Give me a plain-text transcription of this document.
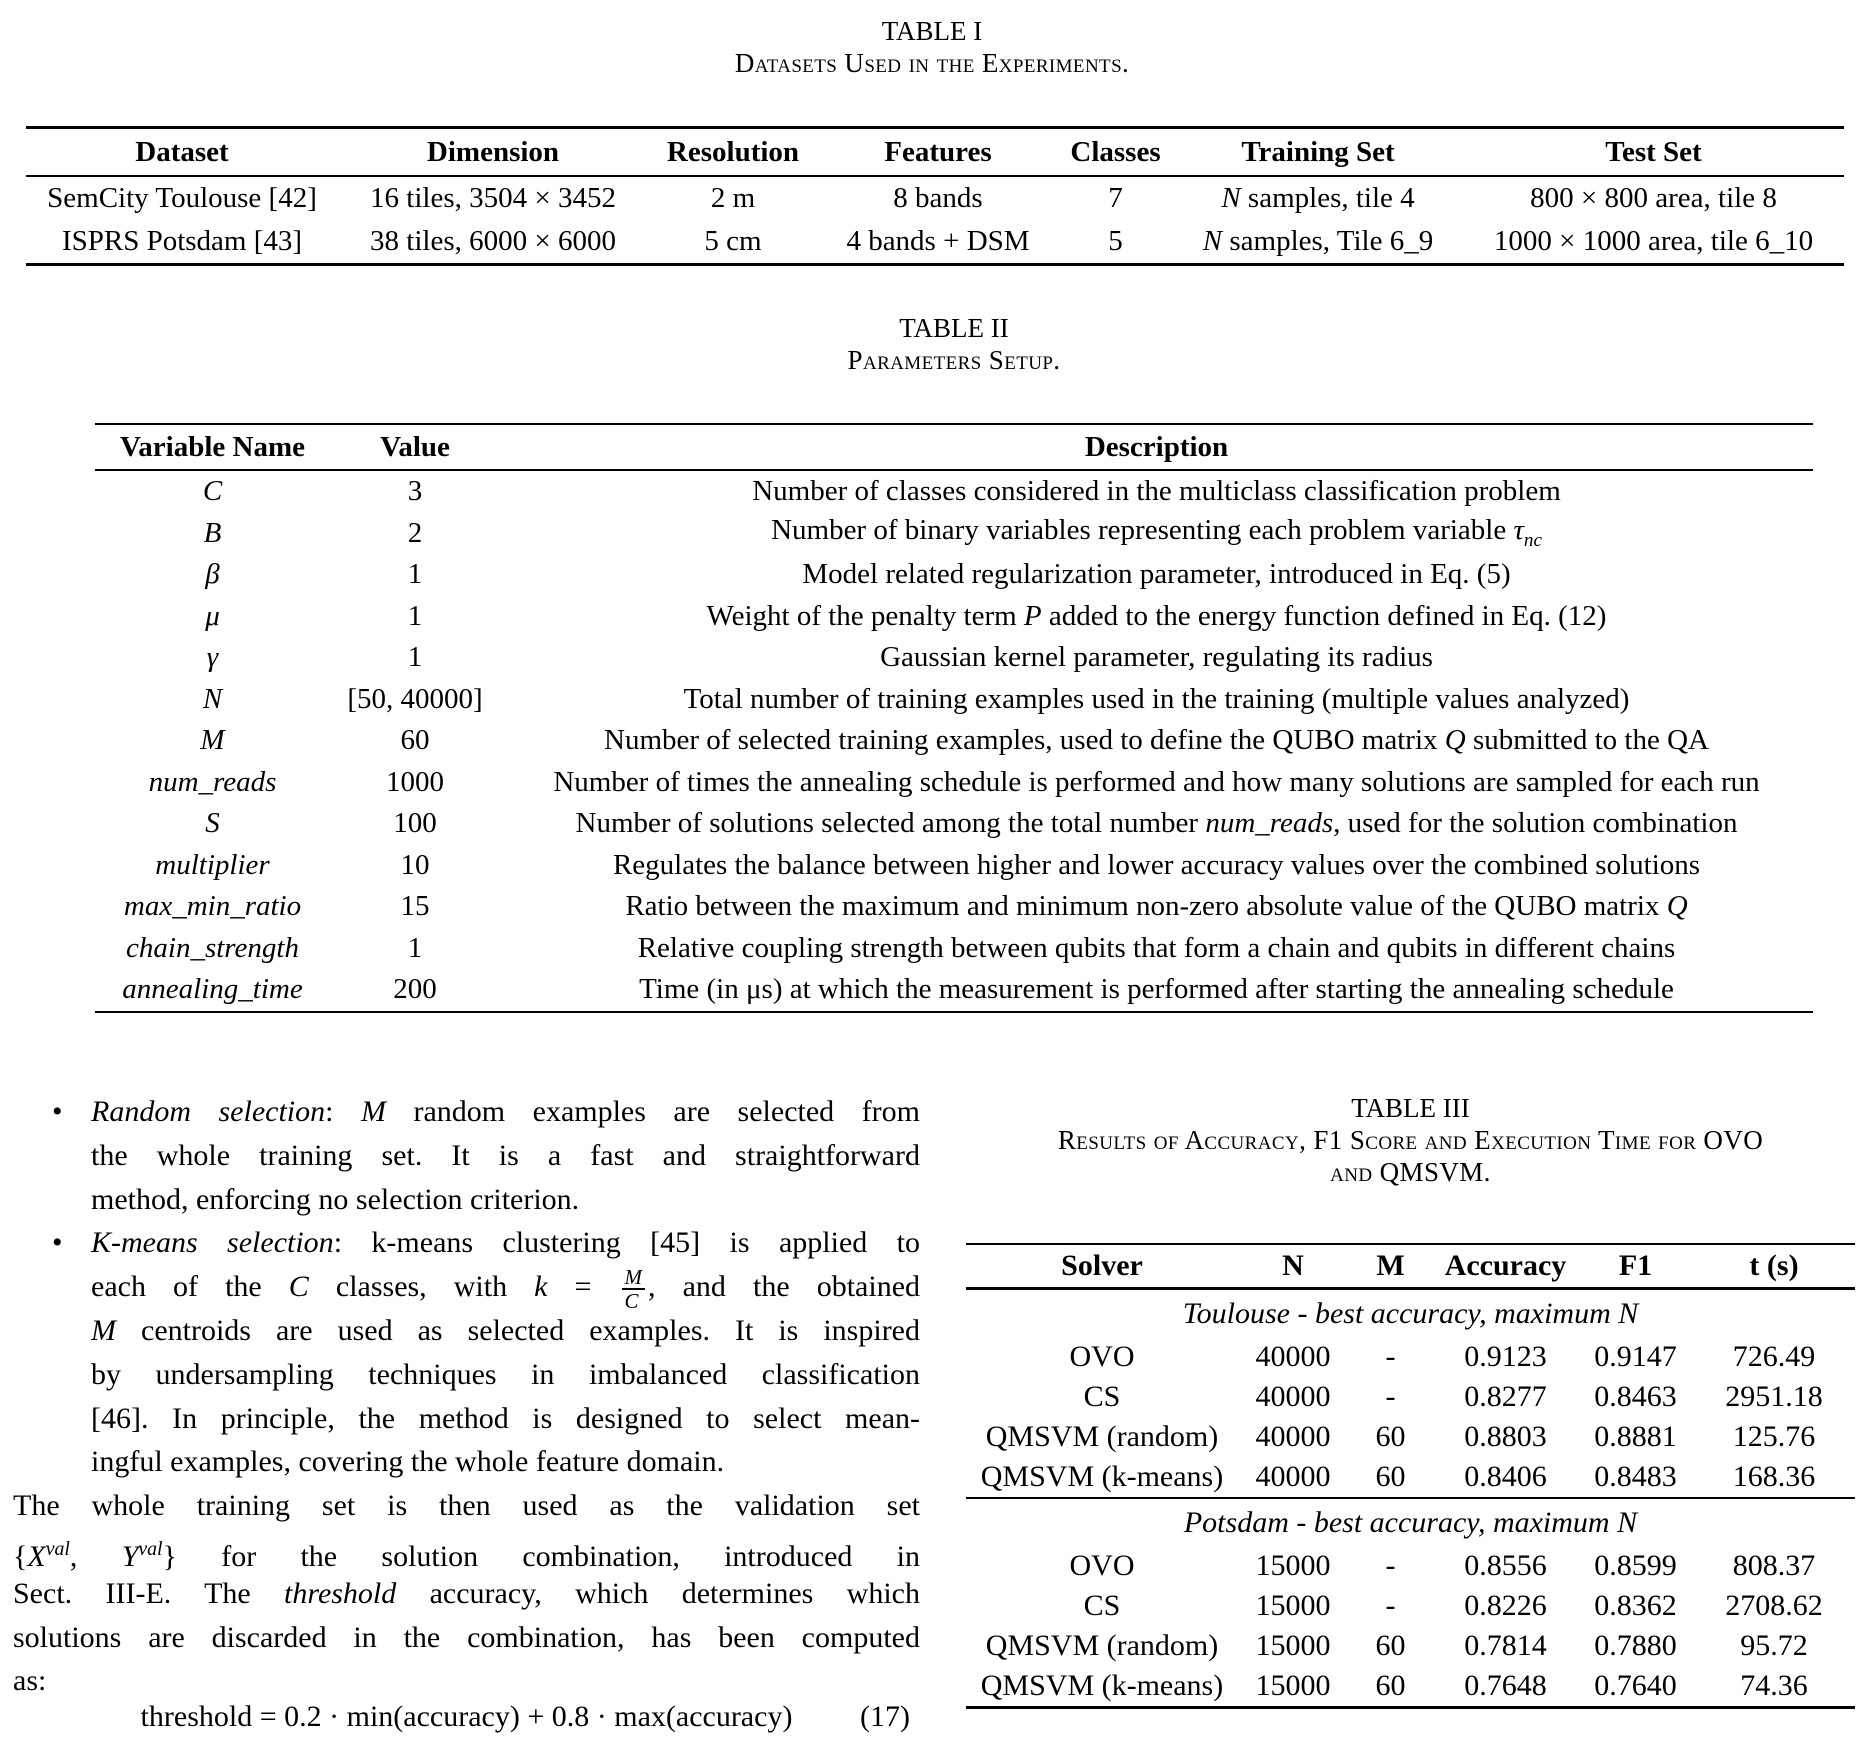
TABLE I
Datasets Used in the Experiments.
Dataset	Dimension	Resolution	Features	Classes	Training Set	Test Set
SemCity Toulouse [42]	16 tiles, 3504 × 3452	2 m	8 bands	7	N samples, tile 4	800 × 800 area, tile 8
ISPRS Potsdam [43]	38 tiles, 6000 × 6000	5 cm	4 bands + DSM	5	N samples, Tile 6_9	1000 × 1000 area, tile 6_10
TABLE II
Parameters Setup.
Variable Name	Value	Description
C	3	Number of classes considered in the multiclass classification problem
B	2	Number of binary variables representing each problem variable $\tau_{nc}$
β	1	Model related regularization parameter, introduced in Eq. (5)
μ	1	Weight of the penalty term P added to the energy function defined in Eq. (12)
γ	1	Gaussian kernel parameter, regulating its radius
N	[50, 40000]	Total number of training examples used in the training (multiple values analyzed)
M	60	Number of selected training examples, used to define the QUBO matrix Q submitted to the QA
num_reads	1000	Number of times the annealing schedule is performed and how many solutions are sampled for each run
S	100	Number of solutions selected among the total number num_reads, used for the solution combination
multiplier	10	Regulates the balance between higher and lower accuracy values over the combined solutions
max_min_ratio	15	Ratio between the maximum and minimum non-zero absolute value of the QUBO matrix Q
chain_strength	1	Relative coupling strength between qubits that form a chain and qubits in different chains
annealing_time	200	Time (in μs) at which the measurement is performed after starting the annealing schedule
• Random selection: M random examples are selected from
the whole training set. It is a fast and straightforward
method, enforcing no selection criterion.
• K-means selection: k-means clustering [45] is applied to
each of the C classes, with $k = \frac{M}{C}$ , and the obtained
M centroids are used as selected examples. It is inspired
by undersampling techniques in imbalanced classification
[46]. In principle, the method is designed to select mean-
ingful examples, covering the whole feature domain.
The whole training set is then used as the validation set
{$X^{val}$, $Y^{val}$} for the solution combination, introduced in
Sect. III-E. The threshold accuracy, which determines which
solutions are discarded in the combination, has been computed
as:
threshold = 0.2 · min(accuracy) + 0.8 · max(accuracy) (17)
TABLE III
Results of Accuracy, F1 Score and Execution Time for OVO
and QMSVM.
Solver	N	M	Accuracy	F1	t (s)
Toulouse - best accuracy, maximum N					
OVO	40000	-	0.9123	0.9147	726.49
CS	40000	-	0.8277	0.8463	2951.18
QMSVM (random)	40000	60	0.8803	0.8881	125.76
QMSVM (k-means)	40000	60	0.8406	0.8483	168.36
Potsdam - best accuracy, maximum N					
OVO	15000	-	0.8556	0.8599	808.37
CS	15000	-	0.8226	0.8362	2708.62
QMSVM (random)	15000	60	0.7814	0.7880	95.72
QMSVM (k-means)	15000	60	0.7648	0.7640	74.36
